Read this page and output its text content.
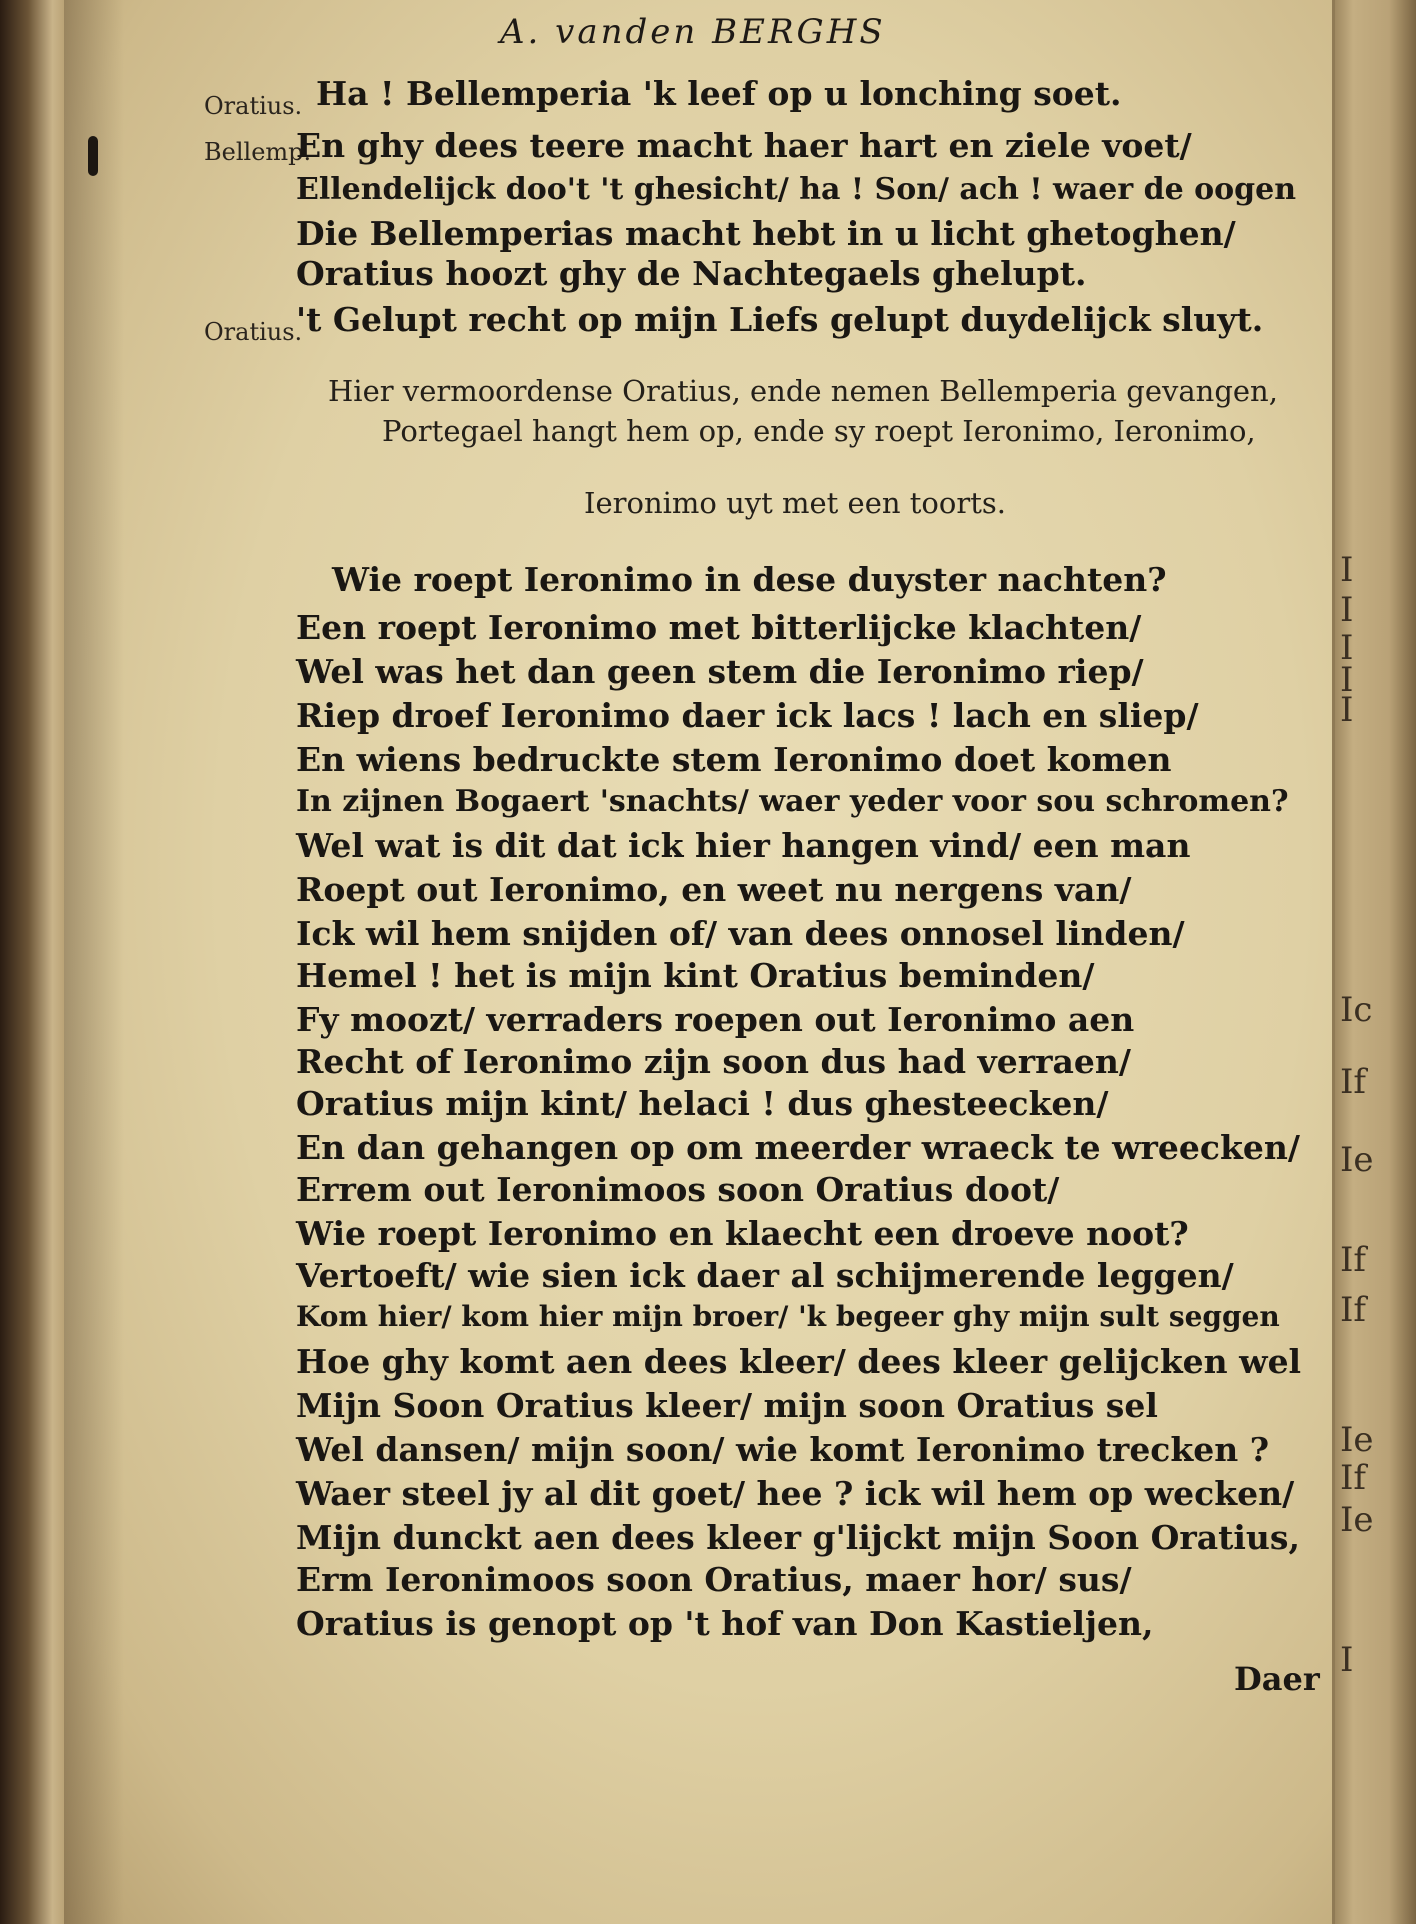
I
I
I
I
I
Ic
If
Ie
If
If
Ie
If
Ie
I
A. vanden BERGHS
Oratius. Ha ! Bellemperia 'k leef op u lonching soet.
Bellemp.
En ghy dees teere macht haer hart en ziele voet/
Ellendelijck doo't 't ghesicht/ ha ! Son/ ach ! waer de oogen
Die Bellemperias macht hebt in u licht ghetoghen/
Oratius hoozt ghy de Nachtegaels ghelupt.
Oratius.
't Gelupt recht op mijn Liefs gelupt duydelijck sluyt.
Hier vermoordense Oratius, ende nemen Bellemperia gevangen,
Portegael hangt hem op, ende sy roept Ieronimo, Ieronimo,
Ieronimo uyt met een toorts.
Wie roept Ieronimo in dese duyster nachten?
Een roept Ieronimo met bitterlijcke klachten/
Wel was het dan geen stem die Ieronimo riep/
Riep droef Ieronimo daer ick lacs ! lach en sliep/
En wiens bedruckte stem Ieronimo doet komen
In zijnen Bogaert 'snachts/ waer yeder voor sou schromen?
Wel wat is dit dat ick hier hangen vind/ een man
Roept out Ieronimo, en weet nu nergens van/
Ick wil hem snijden of/ van dees onnosel linden/
Hemel ! het is mijn kint Oratius beminden/
Fy moozt/ verraders roepen out Ieronimo aen
Recht of Ieronimo zijn soon dus had verraen/
Oratius mijn kint/ helaci ! dus ghesteecken/
En dan gehangen op om meerder wraeck te wreecken/
Errem out Ieronimoos soon Oratius doot/
Wie roept Ieronimo en klaecht een droeve noot?
Vertoeft/ wie sien ick daer al schijmerende leggen/
Kom hier/ kom hier mijn broer/ 'k begeer ghy mijn sult seggen
Hoe ghy komt aen dees kleer/ dees kleer gelijcken wel
Mijn Soon Oratius kleer/ mijn soon Oratius sel
Wel dansen/ mijn soon/ wie komt Ieronimo trecken ?
Waer steel jy al dit goet/ hee ? ick wil hem op wecken/
Mijn dunckt aen dees kleer g'lijckt mijn Soon Oratius,
Erm Ieronimoos soon Oratius, maer hor/ sus/
Oratius is genopt op 't hof van Don Kastieljen,
Daer
